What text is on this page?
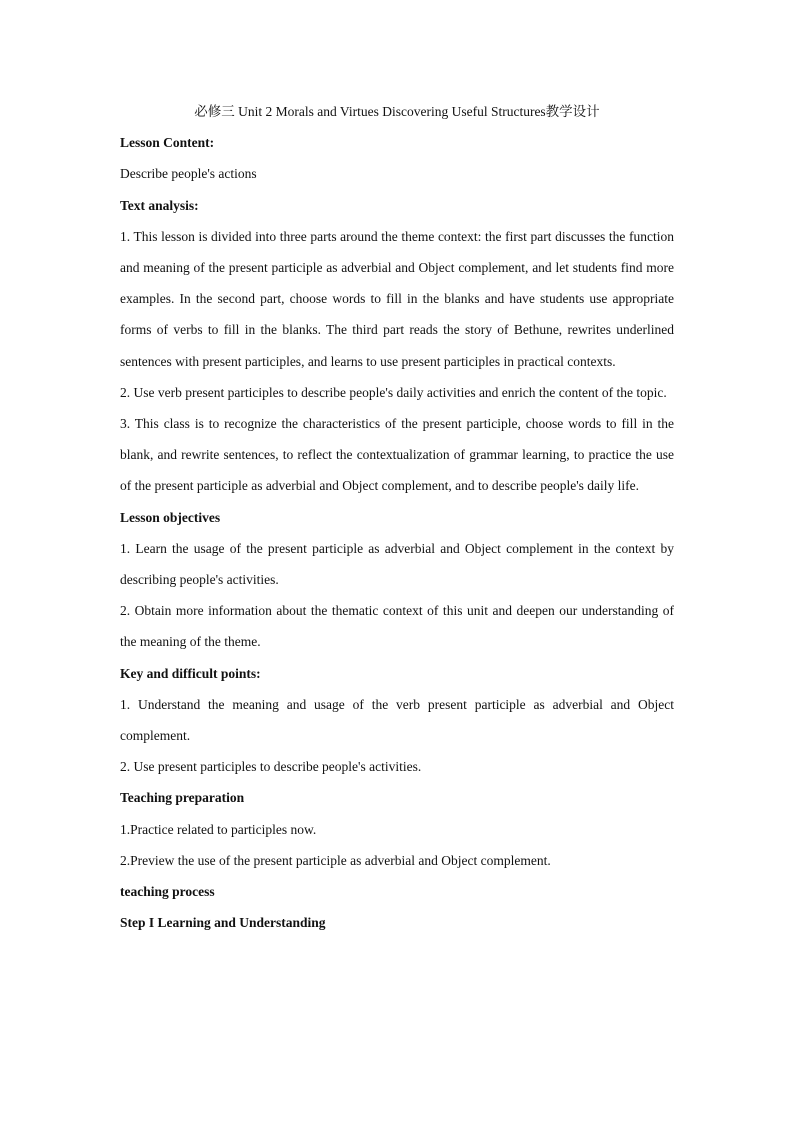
必修三 Unit 2 Morals and Virtues Discovering Useful Structures教学设计

Lesson Content:

Describe people's actions

Text analysis:

1. This lesson is divided into three parts around the theme context: the first part discusses the function and meaning of the present participle as adverbial and Object complement, and let students find more examples. In the second part, choose words to fill in the blanks and have students use appropriate forms of verbs to fill in the blanks. The third part reads the story of Bethune, rewrites underlined sentences with present participles, and learns to use present participles in practical contexts.

2. Use verb present participles to describe people's daily activities and enrich the content of the topic.

3. This class is to recognize the characteristics of the present participle, choose words to fill in the blank, and rewrite sentences, to reflect the contextualization of grammar learning, to practice the use of the present participle as adverbial and Object complement, and to describe people's daily life.

Lesson objectives

1. Learn the usage of the present participle as adverbial and Object complement in the context by describing people's activities.

2. Obtain more information about the thematic context of this unit and deepen our understanding of the meaning of the theme.

Key and difficult points:

1. Understand the meaning and usage of the verb present participle as adverbial and Object complement.

2. Use present participles to describe people's activities.

Teaching preparation

1.Practice related to participles now.

2.Preview the use of the present participle as adverbial and Object complement.

teaching process

Step I Learning and Understanding
